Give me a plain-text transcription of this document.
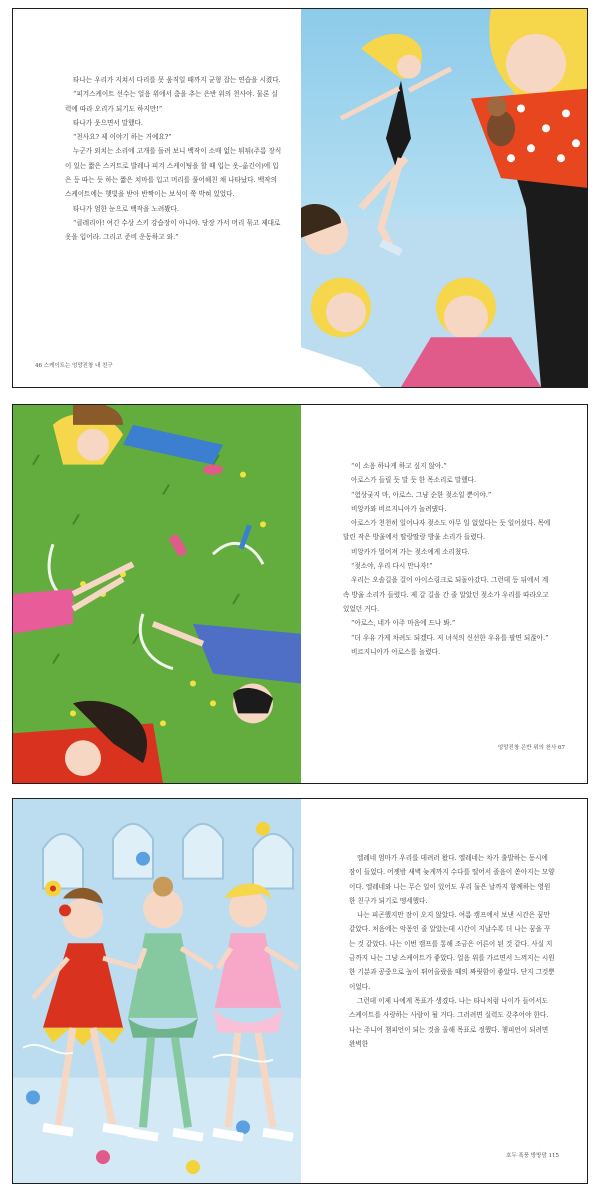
타나는 우리가 지쳐서 다리를 못 움직일 때까지 균형 잡는 연습을 시켰다.

“피겨스케이트 선수는 얼음 위에서 춤을 추는 은반 위의 천사야. 물론 실력에 따라 오리가 되기도 하지만!”

타나가 웃으면서 말했다.

“천사요? 제 이야기 하는 거예요?”

누군가 외치는 소리에 고개를 돌려 보니 백작이 소매 없는 튀튀(주름 장식이 있는 짧은 스커트로 발레나 피겨 스케이팅을 할 때 입는 옷–옮긴이)에 입은 등 따는 듯 하는 짧은 치마를 입고 머리를 풀어헤친 채 나타났다. 백작의 스케이트에는 햇빛을 받아 반짝이는 보석이 쭉 박혀 있었다.

타나가 엄한 눈으로 백작을 노려봤다.

“클레리아! 여긴 수상 스키 강습장이 아니야. 당장 가서 머리 묶고 제대로 옷을 입어라. 그리고 준비 운동하고 와.”

46 스케이트는 엉망진창 내 친구

“이 소음 하나게 하고 싶지 않아.”

아로스가 들릴 듯 말 듯 한 목소리로 말했다.

“험상궂지 마, 아로스. 그냥 순한 젖소일 뿐이야.”

비앙카와 비르지니아가 놀려댔다.

아로스가 천천히 일어나자 젖소도 아무 일 없었다는 듯 일어섰다. 목에 달린 작은 방울에서 딸랑딸랑 방울 소리가 들렸다.

비앙카가 멀어져 가는 젖소에게 소리쳤다.

“젖소야, 우리 다시 만나자!”

우리는 오솔길을 걸어 아이스링크로 되돌아갔다. 그런데 등 뒤에서 계속 방울 소리가 들렸다. 제 갈 길을 간 줄 알았던 젖소가 우리를 따라오고 있었던 거다.

“아로스, 네가 아주 마음에 드나 봐.”

“더 우유 가게 차려도 되겠다. 저 녀석의 신선한 우유를 팔면 되잖아.”

비르지니아가 아로스를 놀렸다.

엉망진창 은반 위의 천사 67

엘레네 엄마가 우리를 데려러 왔다. 엘레네는 차가 출발하는 동시에 잠이 들었다. 어젯밤 새벽 늦게까지 수다를 떨어서 졸음이 쏟아지는 모양이다. 엘레네와 나는 무슨 일이 있어도 우리 둘은 날까지 함께하는 영원한 친구가 되기로 맹세했다.

나는 피곤했지만 잠이 오지 않았다. 여름 캠프에서 보낸 시간은 꿈만 같았다. 처음에는 악몽인 줄 알았는데 시간이 지날수록 더 나는 꿈을 꾸는 것 같았다. 나는 이번 캠프를 통해 조금은 어른이 된 것 같다. 사실 지금까지 나는 그냥 스케이트가 좋았다. 얼음 위를 가르면서 느껴지는 시원한 기분과 공중으로 높이 뛰어올랐을 때의 짜릿함이 좋았다. 단지 그것뿐이었다.

그런데 이제 나에게 목표가 생겼다. 나는 타나처럼 나이가 들어서도 스케이트를 사랑하는 사람이 될 거다. 그러려면 실력도 갖추어야 한다. 나는 주니어 챔피언이 되는 것을 올해 목표로 정했다. 챔피언이 되려면 완벽한

호두 폭풍 방방맘 115
